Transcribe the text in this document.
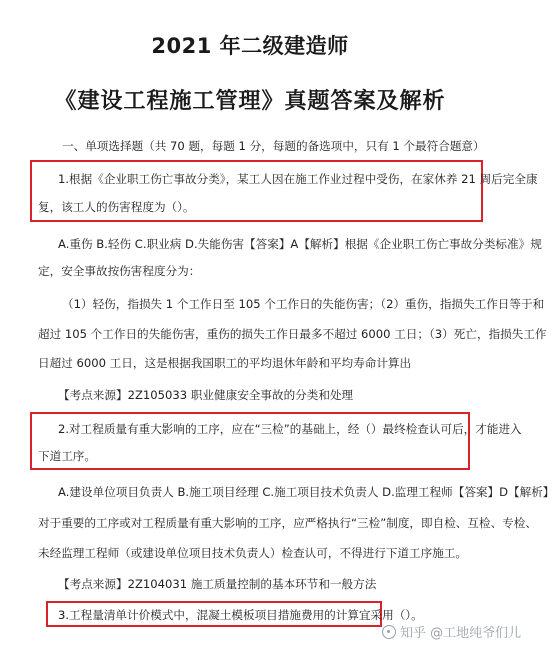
2021 年二级建造师
《建设工程施工管理》真题答案及解析
一、单项选择题（共 70 题，每题 1 分，每题的备选项中，只有 1 个最符合题意）
1.根据《企业职工伤亡事故分类》，某工人因在施工作业过程中受伤，在家休养 21 周后完全康
复，该工人的伤害程度为（）。
A.重伤 B.轻伤 C.职业病 D.失能伤害【答案】A【解析】根据《企业职工伤亡事故分类标准》规
定，安全事故按伤害程度分为：
（1）轻伤，指损失 1 个工作日至 105 个工作日的失能伤害；（2）重伤，指损失工作日等于和
超过 105 个工作日的失能伤害，重伤的损失工作日最多不超过 6000 工日；（3）死亡，指损失工作
日超过 6000 工日，这是根据我国职工的平均退休年龄和平均寿命计算出
【考点来源】2Z105033 职业健康安全事故的分类和处理
2.对工程质量有重大影响的工序，应在“三检”的基础上，经（）最终检查认可后，才能进入
下道工序。
A.建设单位项目负责人 B.施工项目经理 C.施工项目技术负责人 D.监理工程师【答案】D【解析】
对于重要的工序或对工程质量有重大影响的工序，应严格执行“三检”制度，即自检、互检、专检、
未经监理工程师（或建设单位项目技术负责人）检查认可，不得进行下道工序施工。
【考点来源】2Z104031 施工质量控制的基本环节和一般方法
3.工程量清单计价模式中，混凝土模板项目措施费用的计算宜采用（）。
知乎 @工地纯爷们儿
